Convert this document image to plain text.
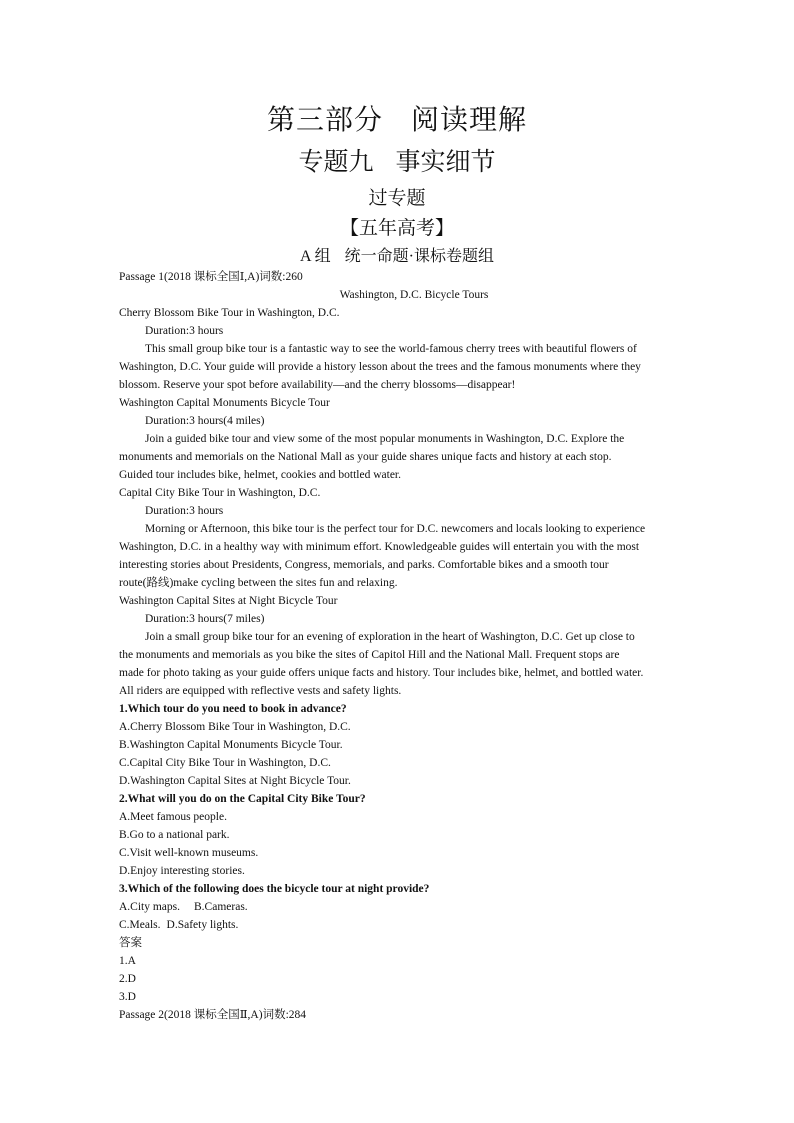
第三部分 阅读理解
专题九 事实细节
过专题
【五年高考】
A 组 统一命题·课标卷题组
Passage 1(2018 课标全国Ⅰ,A)词数:260
Washington, D.C. Bicycle Tours
Cherry Blossom Bike Tour in Washington, D.C.
Duration:3 hours
This small group bike tour is a fantastic way to see the world-famous cherry trees with beautiful flowers of
Washington, D.C. Your guide will provide a history lesson about the trees and the famous monuments where they
blossom. Reserve your spot before availability—and the cherry blossoms—disappear!
Washington Capital Monuments Bicycle Tour
Duration:3 hours(4 miles)
Join a guided bike tour and view some of the most popular monuments in Washington, D.C. Explore the
monuments and memorials on the National Mall as your guide shares unique facts and history at each stop.
Guided tour includes bike, helmet, cookies and bottled water.
Capital City Bike Tour in Washington, D.C.
Duration:3 hours
Morning or Afternoon, this bike tour is the perfect tour for D.C. newcomers and locals looking to experience
Washington, D.C. in a healthy way with minimum effort. Knowledgeable guides will entertain you with the most
interesting stories about Presidents, Congress, memorials, and parks. Comfortable bikes and a smooth tour
route(路线)make cycling between the sites fun and relaxing.
Washington Capital Sites at Night Bicycle Tour
Duration:3 hours(7 miles)
Join a small group bike tour for an evening of exploration in the heart of Washington, D.C. Get up close to
the monuments and memorials as you bike the sites of Capitol Hill and the National Mall. Frequent stops are
made for photo taking as your guide offers unique facts and history. Tour includes bike, helmet, and bottled water.
All riders are equipped with reflective vests and safety lights.
1.Which tour do you need to book in advance?
A.Cherry Blossom Bike Tour in Washington, D.C.
B.Washington Capital Monuments Bicycle Tour.
C.Capital City Bike Tour in Washington, D.C.
D.Washington Capital Sites at Night Bicycle Tour.
2.What will you do on the Capital City Bike Tour?
A.Meet famous people.
B.Go to a national park.
C.Visit well-known museums.
D.Enjoy interesting stories.
3.Which of the following does the bicycle tour at night provide?
A.City maps. B.Cameras.
C.Meals. D.Safety lights.
答案
1.A
2.D
3.D
Passage 2(2018 课标全国Ⅱ,A)词数:284
